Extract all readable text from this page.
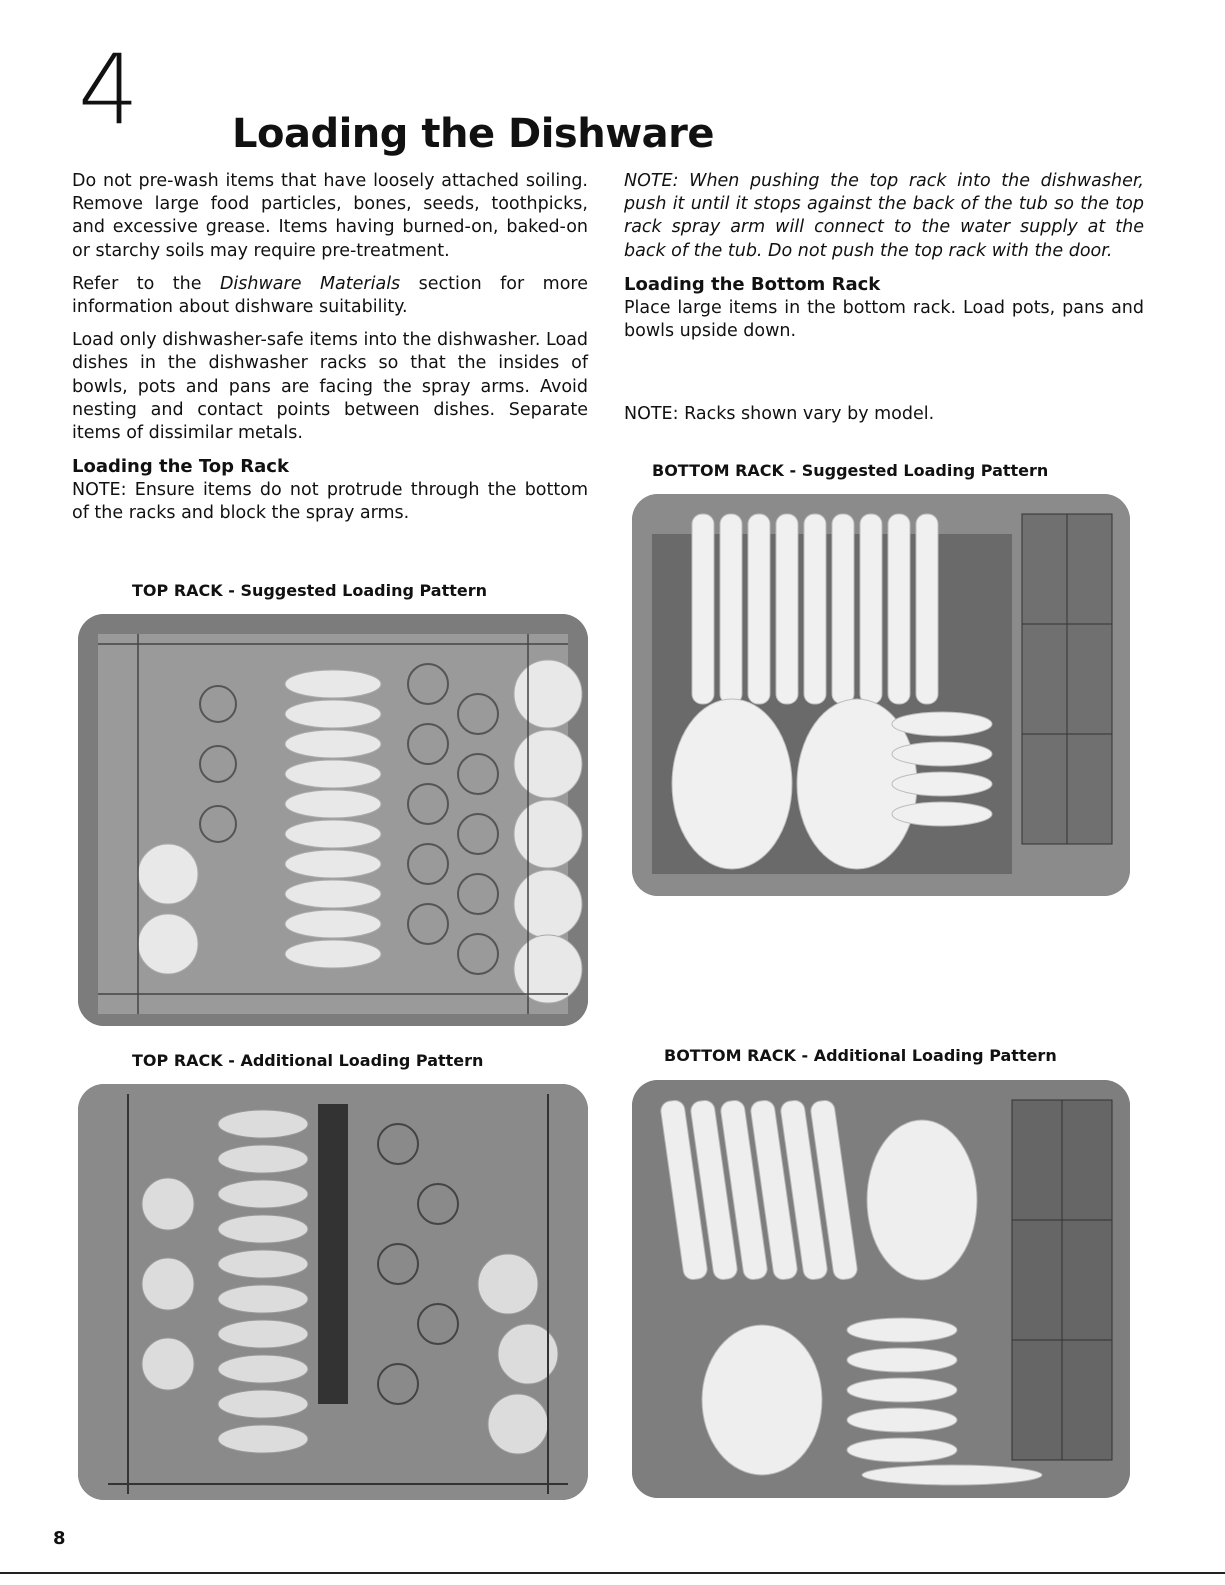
4 Loading the Dishware

Do not pre-wash items that have loosely attached soiling. Remove large food particles, bones, seeds, toothpicks, and excessive grease. Items having burned-on, baked-on or starchy soils may require pre-treatment.

Refer to the Dishware Materials section for more information about dishware suitability.

Load only dishwasher-safe items into the dishwasher. Load dishes in the dishwasher racks so that the insides of bowls, pots and pans are facing the spray arms. Avoid nesting and contact points between dishes. Separate items of dissimilar metals.

Loading the Top Rack

NOTE: Ensure items do not protrude through the bottom of the racks and block the spray arms.

NOTE: When pushing the top rack into the dishwasher, push it until it stops against the back of the tub so the top rack spray arm will connect to the water supply at the back of the tub. Do not push the top rack with the door.

Loading the Bottom Rack

Place large items in the bottom rack. Load pots, pans and bowls upside down.

NOTE: Racks shown vary by model.

TOP RACK - Suggested Loading Pattern
BOTTOM RACK - Suggested Loading Pattern
TOP RACK - Additional Loading Pattern	BOTTOM RACK - Additional Loading Pattern
8
